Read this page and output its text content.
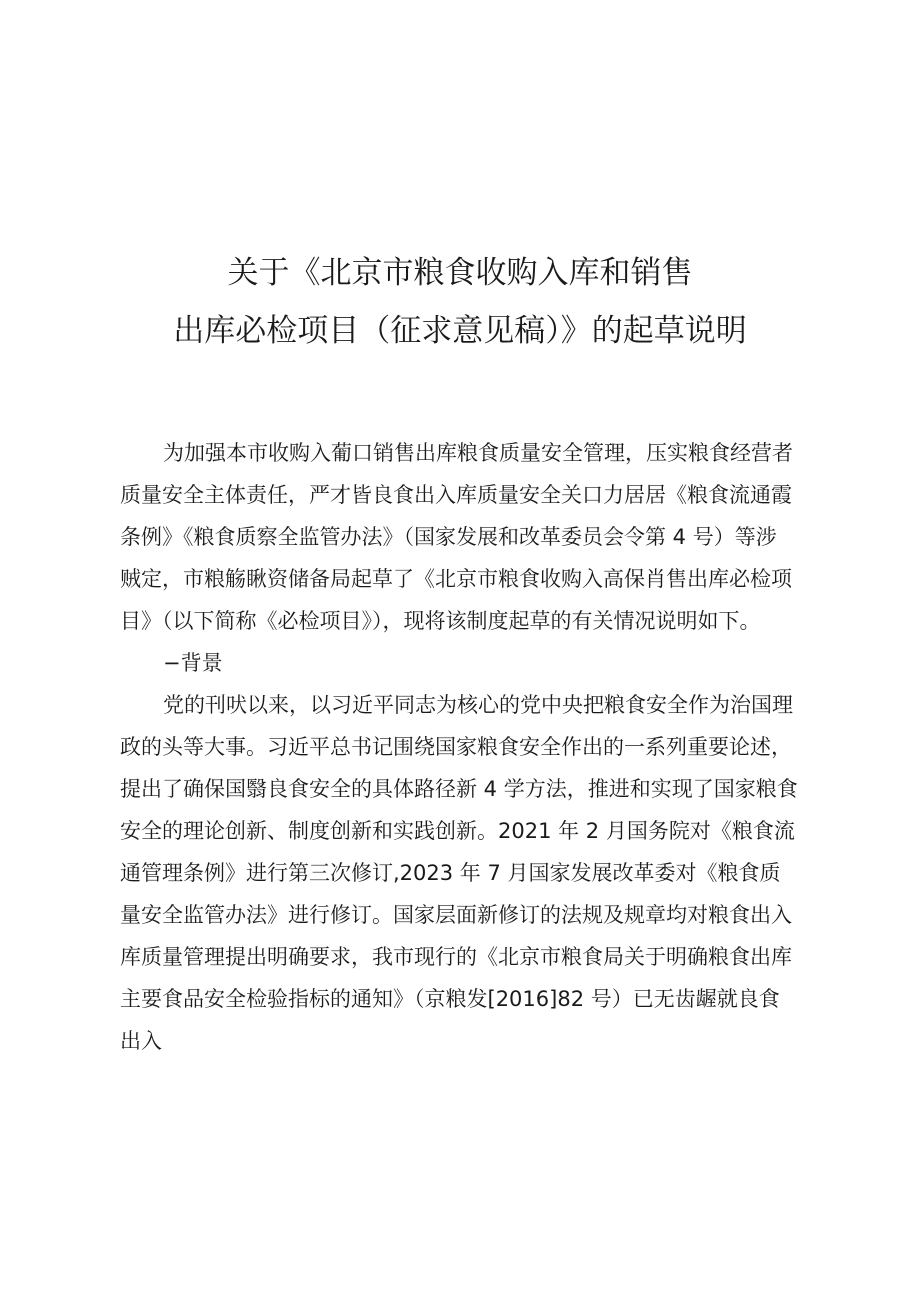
关于《北京市粮食收购入库和销售
出库必检项目（征求意见稿）》的起草说明
为加强本市收购入葡口销售出库粮食质量安全管理，压实粮食经营者
质量安全主体责任，严才皆良食出入库质量安全关口力居居《粮食流通霞
条例》《粮食质察全监管办法》（国家发展和改革委员会令第 4 号）等涉
贼定，市粮觞瞅资储备局起草了《北京市粮食收购入高保肖售出库必检项
目》（以下简称《必检项目》），现将该制度起草的有关情况说明如下。
−背景
党的刊吠以来，以习近平同志为核心的党中央把粮食安全作为治国理
政的头等大事。习近平总书记围绕国家粮食安全作出的一系列重要论述，
提出了确保国翳良食安全的具体路径新 4 学方法，推进和实现了国家粮食
安全的理论创新、制度创新和实践创新。2021 年 2 月国务院对《粮食流
通管理条例》进行第三次修订,2023 年 7 月国家发展改革委对《粮食质
量安全监管办法》进行修订。国家层面新修订的法规及规章均对粮食出入
库质量管理提出明确要求，我市现行的《北京市粮食局关于明确粮食出库
主要食品安全检验指标的通知》（京粮发[2016]82 号）已无齿龌就良食
出入
